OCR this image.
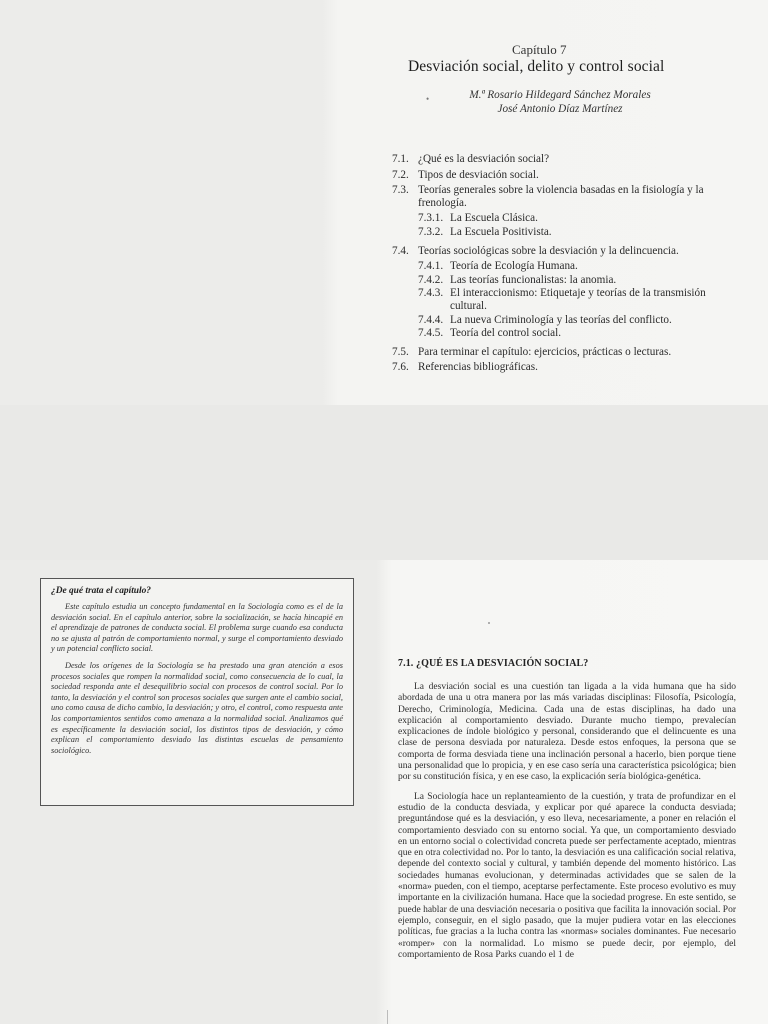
Capítulo 7
Desviación social, delito y control social
•	M.ª Rosario Hildegard Sánchez Morales
José Antonio Díaz Martínez
7.1. ¿Qué es la desviación social?
7.2. Tipos de desviación social.
7.3. Teorías generales sobre la violencia basadas en la fisiología y la frenología.
7.3.1. La Escuela Clásica.
7.3.2. La Escuela Positivista.
7.4. Teorías sociológicas sobre la desviación y la delincuencia.
7.4.1. Teoría de Ecología Humana.
7.4.2. Las teorías funcionalistas: la anomia.
7.4.3. El interaccionismo: Etiquetaje y teorías de la transmisión cultural.
7.4.4. La nueva Criminología y las teorías del conflicto.
7.4.5. Teoría del control social.
7.5. Para terminar el capítulo: ejercicios, prácticas o lecturas.
7.6. Referencias bibliográficas.
¿De qué trata el capítulo?

Este capítulo estudia un concepto fundamental en la Sociología como es el de la desviación social. En el capítulo anterior, sobre la socialización, se hacía hincapié en el aprendizaje de patrones de conducta social. El problema surge cuando esa conducta no se ajusta al patrón de comportamiento normal, y surge el comportamiento desviado y un potencial conflicto social.

Desde los orígenes de la Sociología se ha prestado una gran atención a esos procesos sociales que rompen la normalidad social, como consecuencia de lo cual, la sociedad responda ante el desequilibrio social con procesos de control social. Por lo tanto, la desviación y el control son procesos sociales que surgen ante el cambio social, uno como causa de dicho cambio, la desviación; y otro, el control, como respuesta ante los comportamientos sentidos como amenaza a la normalidad social. Analizamos qué es específicamente la desviación social, los distintos tipos de desviación, y cómo explican el comportamiento desviado las distintas escuelas de pensamiento sociológico.

7.1. ¿QUÉ ES LA DESVIACIÓN SOCIAL?

La desviación social es una cuestión tan ligada a la vida humana que ha sido abordada de una u otra manera por las más variadas disciplinas: Filosofía, Psicología, Derecho, Criminología, Medicina. Cada una de estas disciplinas, ha dado una explicación al comportamiento desviado. Durante mucho tiempo, prevalecían explicaciones de índole biológico y personal, considerando que el delincuente es una clase de persona desviada por naturaleza. Desde estos enfoques, la persona que se comporta de forma desviada tiene una inclinación personal a hacerlo, bien porque tiene una personalidad que lo propicia, y en ese caso sería una característica psicológica; bien por su constitución física, y en ese caso, la explicación sería biológica-genética.

La Sociología hace un replanteamiento de la cuestión, y trata de profundizar en el estudio de la conducta desviada, y explicar por qué aparece la conducta desviada; preguntándose qué es la desviación, y eso lleva, necesariamente, a poner en relación el comportamiento desviado con su entorno social. Ya que, un comportamiento desviado en un entorno social o colectividad concreta puede ser perfectamente aceptado, mientras que en otra colectividad no. Por lo tanto, la desviación es una calificación social relativa, depende del contexto social y cultural, y también depende del momento histórico. Las sociedades humanas evolucionan, y determinadas actividades que se salen de la «norma» pueden, con el tiempo, aceptarse perfectamente. Este proceso evolutivo es muy importante en la civilización humana. Hace que la sociedad progrese. En este sentido, se puede hablar de una desviación necesaria o positiva que facilita la innovación social. Por ejemplo, conseguir, en el siglo pasado, que la mujer pudiera votar en las elecciones políticas, fue gracias a la lucha contra las «normas» sociales dominantes. Fue necesario «romper» con la normalidad. Lo mismo se puede decir, por ejemplo, del comportamiento de Rosa Parks cuando el 1 de
